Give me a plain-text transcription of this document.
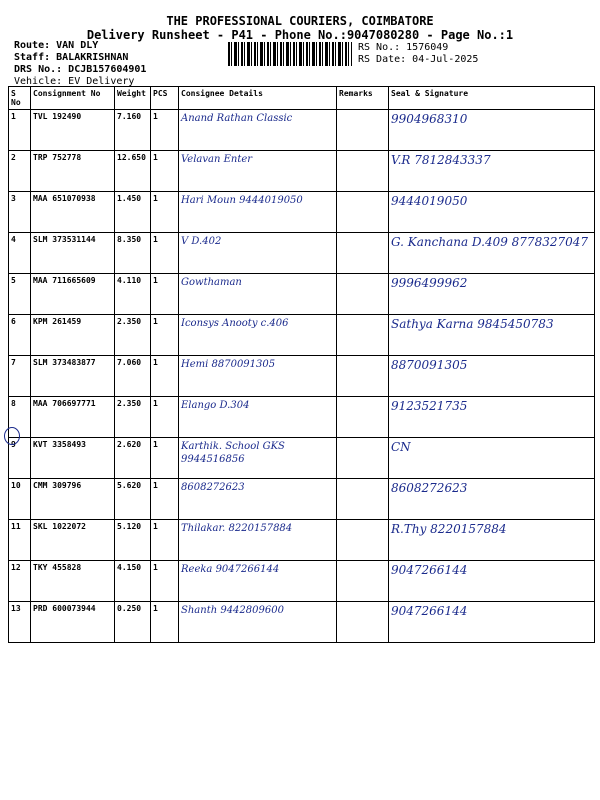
THE PROFESSIONAL COURIERS, COIMBATORE
Delivery Runsheet - P41 - Phone No.:9047080280 - Page No.:1
Route: VAN DLY
Staff: BALAKRISHNAN
DRS No.: DCJB157604901
Vehicle: EV Delivery
RS No.: 1576049
RS Date: 04-Jul-2025
S No	Consignment No	Weight	PCS	Consignee Details	Remarks	Seal & Signature
1	TVL 192490	7.160	1	Anand Rathan Classic		9904968310
2	TRP 752778	12.650	1	Velavan Enter		V.R 7812843337
3	MAA 651070938	1.450	1	Hari Moun 9444019050		9444019050
4	SLM 373531144	8.350	1	V D.402		G. Kanchana D.409 8778327047
5	MAA 711665609	4.110	1	Gowthaman		9996499962
6	KPM 261459	2.350	1	Iconsys Anooty c.406		Sathya Karna 9845450783
7	SLM 373483877	7.060	1	Hemi 8870091305		8870091305
8	MAA 706697771	2.350	1	Elango D.304		9123521735
9	KVT 3358493	2.620	1	Karthik. School GKS 9944516856		CN
10	CMM 309796	5.620	1	8608272623		8608272623
11	SKL 1022072	5.120	1	Thilakar. 8220157884		R.Thy 8220157884
12	TKY 455828	4.150	1	Reeka 9047266144		9047266144
13	PRD 600073944	0.250	1	Shanth 9442809600		9047266144
